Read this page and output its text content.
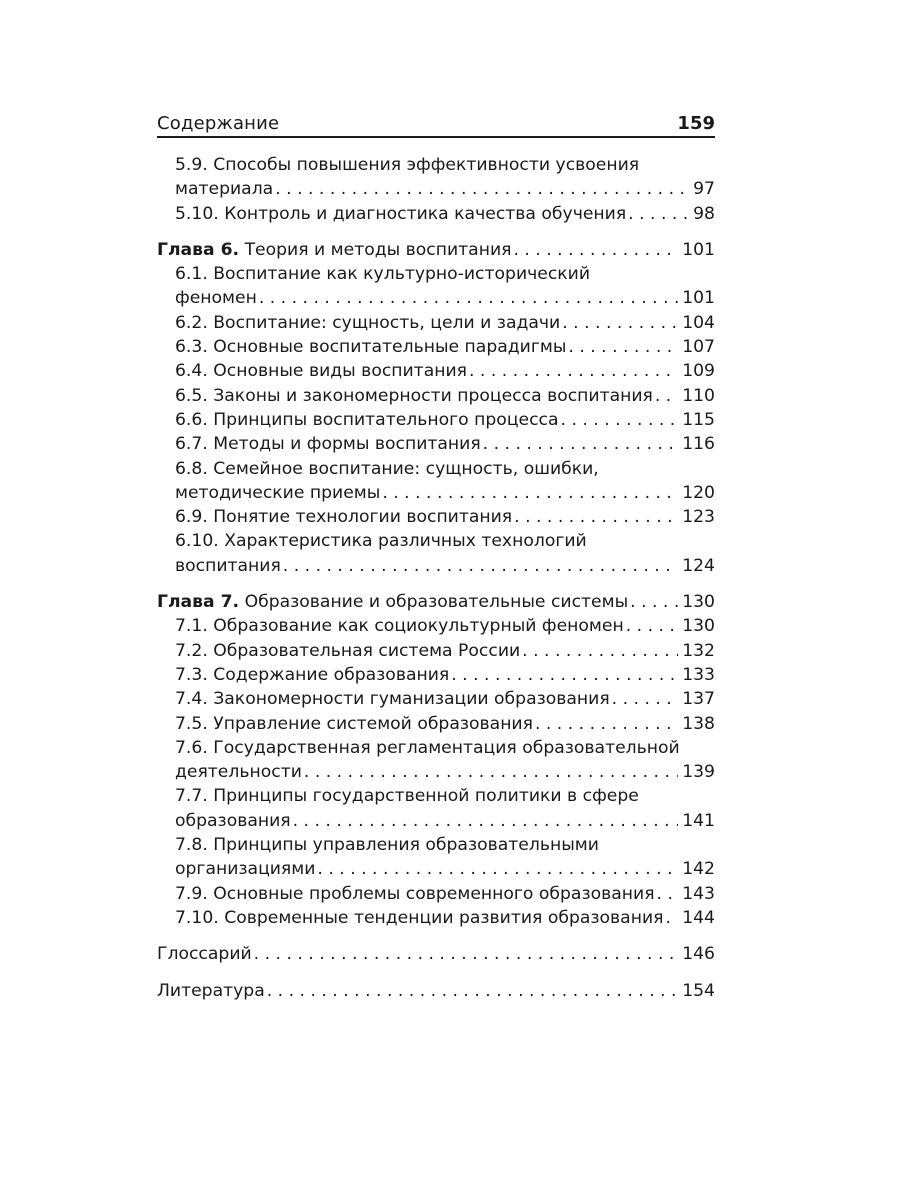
Содержание	159
5.9. Способы повышения эффективности усвоения
материала . . .	97
5.10. Контроль и диагностика качества обучения . . .	98
Глава 6. Теория и методы воспитания . . .	101
6.1. Воспитание как культурно-исторический
феномен . . .	101
6.2. Воспитание: сущность, цели и задачи . . .	104
6.3. Основные воспитательные парадигмы . . .	107
6.4. Основные виды воспитания . . .	109
6.5. Законы и закономерности процесса воспитания . . . 110
6.6. Принципы воспитательного процесса . . .	115
6.7. Методы и формы воспитания . . .	116
6.8. Семейное воспитание: сущность, ошибки,
методические приемы . . .	120
6.9. Понятие технологии воспитания . . .	123
6.10. Характеристика различных технологий
воспитания . . .	124
Глава 7. Образование и образовательные системы . . .	130
7.1. Образование как социокультурный феномен . . .	130
7.2. Образовательная система России . . .	132
7.3. Содержание образования . . .	133
7.4. Закономерности гуманизации образования . . .	137
7.5. Управление системой образования . . .	138
7.6. Государственная регламентация образовательной
деятельности . . .	139
7.7. Принципы государственной политики в сфере
образования . . .	141
7.8. Принципы управления образовательными
организациями . . .	142
7.9. Основные проблемы современного образования . . . 143
7.10. Современные тенденции развития образования . . . 144
Глоссарий . . .	146
Литература . . .	154
